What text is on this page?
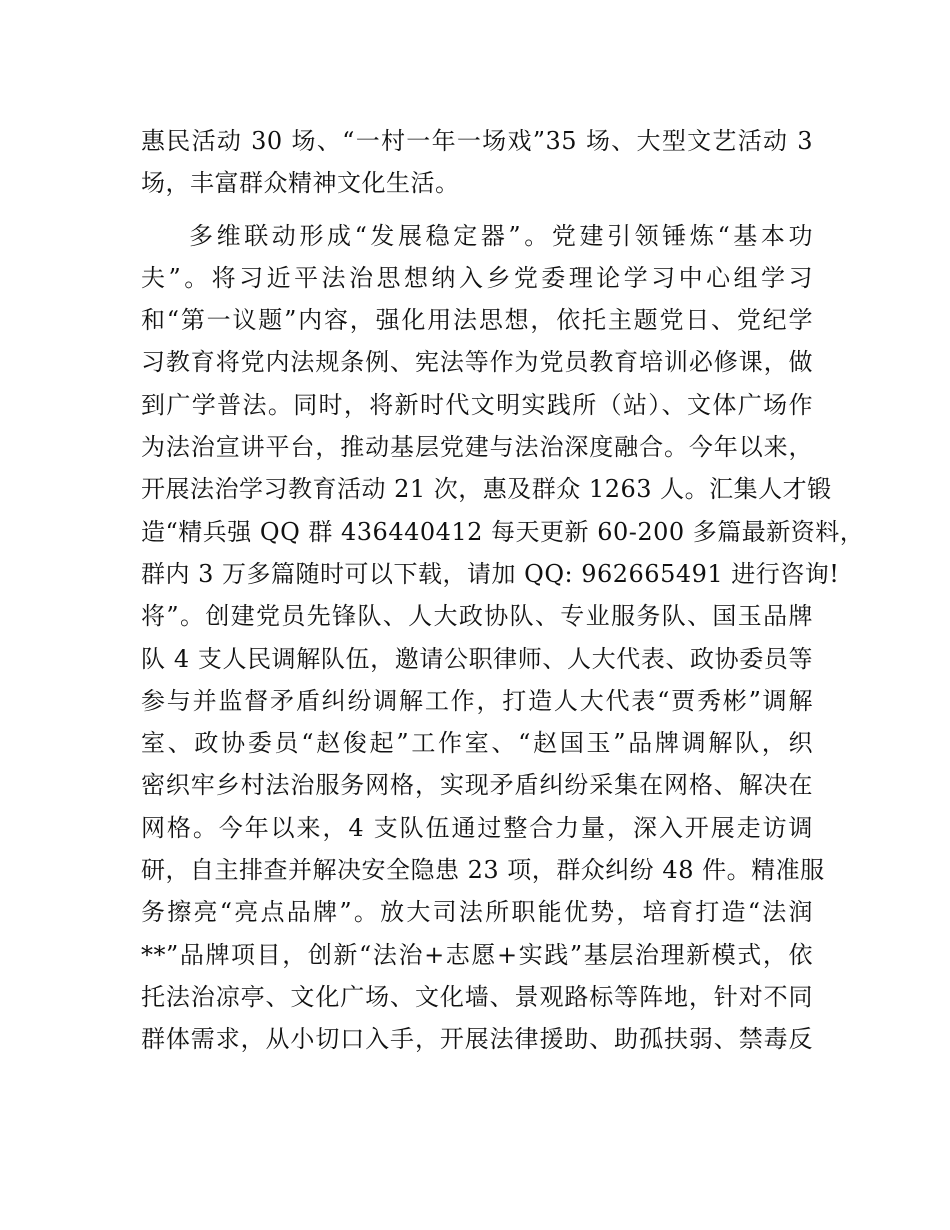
惠民活动 30 场、“一村一年一场戏”35 场、大型文艺活动 3
场，丰富群众精神文化生活。
多维联动形成“发展稳定器”。党建引领锤炼“基本功
夫”。将习近平法治思想纳入乡党委理论学习中心组学习
和“第一议题”内容，强化用法思想，依托主题党日、党纪学
习教育将党内法规条例、宪法等作为党员教育培训必修课，做
到广学普法。同时，将新时代文明实践所（站）、文体广场作
为法治宣讲平台，推动基层党建与法治深度融合。今年以来，
开展法治学习教育活动 21 次，惠及群众 1263 人。汇集人才锻
造“精兵强 QQ 群 436440412 每天更新 60-200 多篇最新资料，
群内 3 万多篇随时可以下载，请加 QQ: 962665491 进行咨询!
将”。创建党员先锋队、人大政协队、专业服务队、国玉品牌
队 4 支人民调解队伍，邀请公职律师、人大代表、政协委员等
参与并监督矛盾纠纷调解工作，打造人大代表“贾秀彬”调解
室、政协委员“赵俊起”工作室、“赵国玉”品牌调解队，织
密织牢乡村法治服务网格，实现矛盾纠纷采集在网格、解决在
网格。今年以来，4 支队伍通过整合力量，深入开展走访调
研，自主排查并解决安全隐患 23 项，群众纠纷 48 件。精准服
务擦亮“亮点品牌”。放大司法所职能优势，培育打造“法润
**”品牌项目，创新“法治+志愿+实践”基层治理新模式，依
托法治凉亭、文化广场、文化墙、景观路标等阵地，针对不同
群体需求，从小切口入手，开展法律援助、助孤扶弱、禁毒反
